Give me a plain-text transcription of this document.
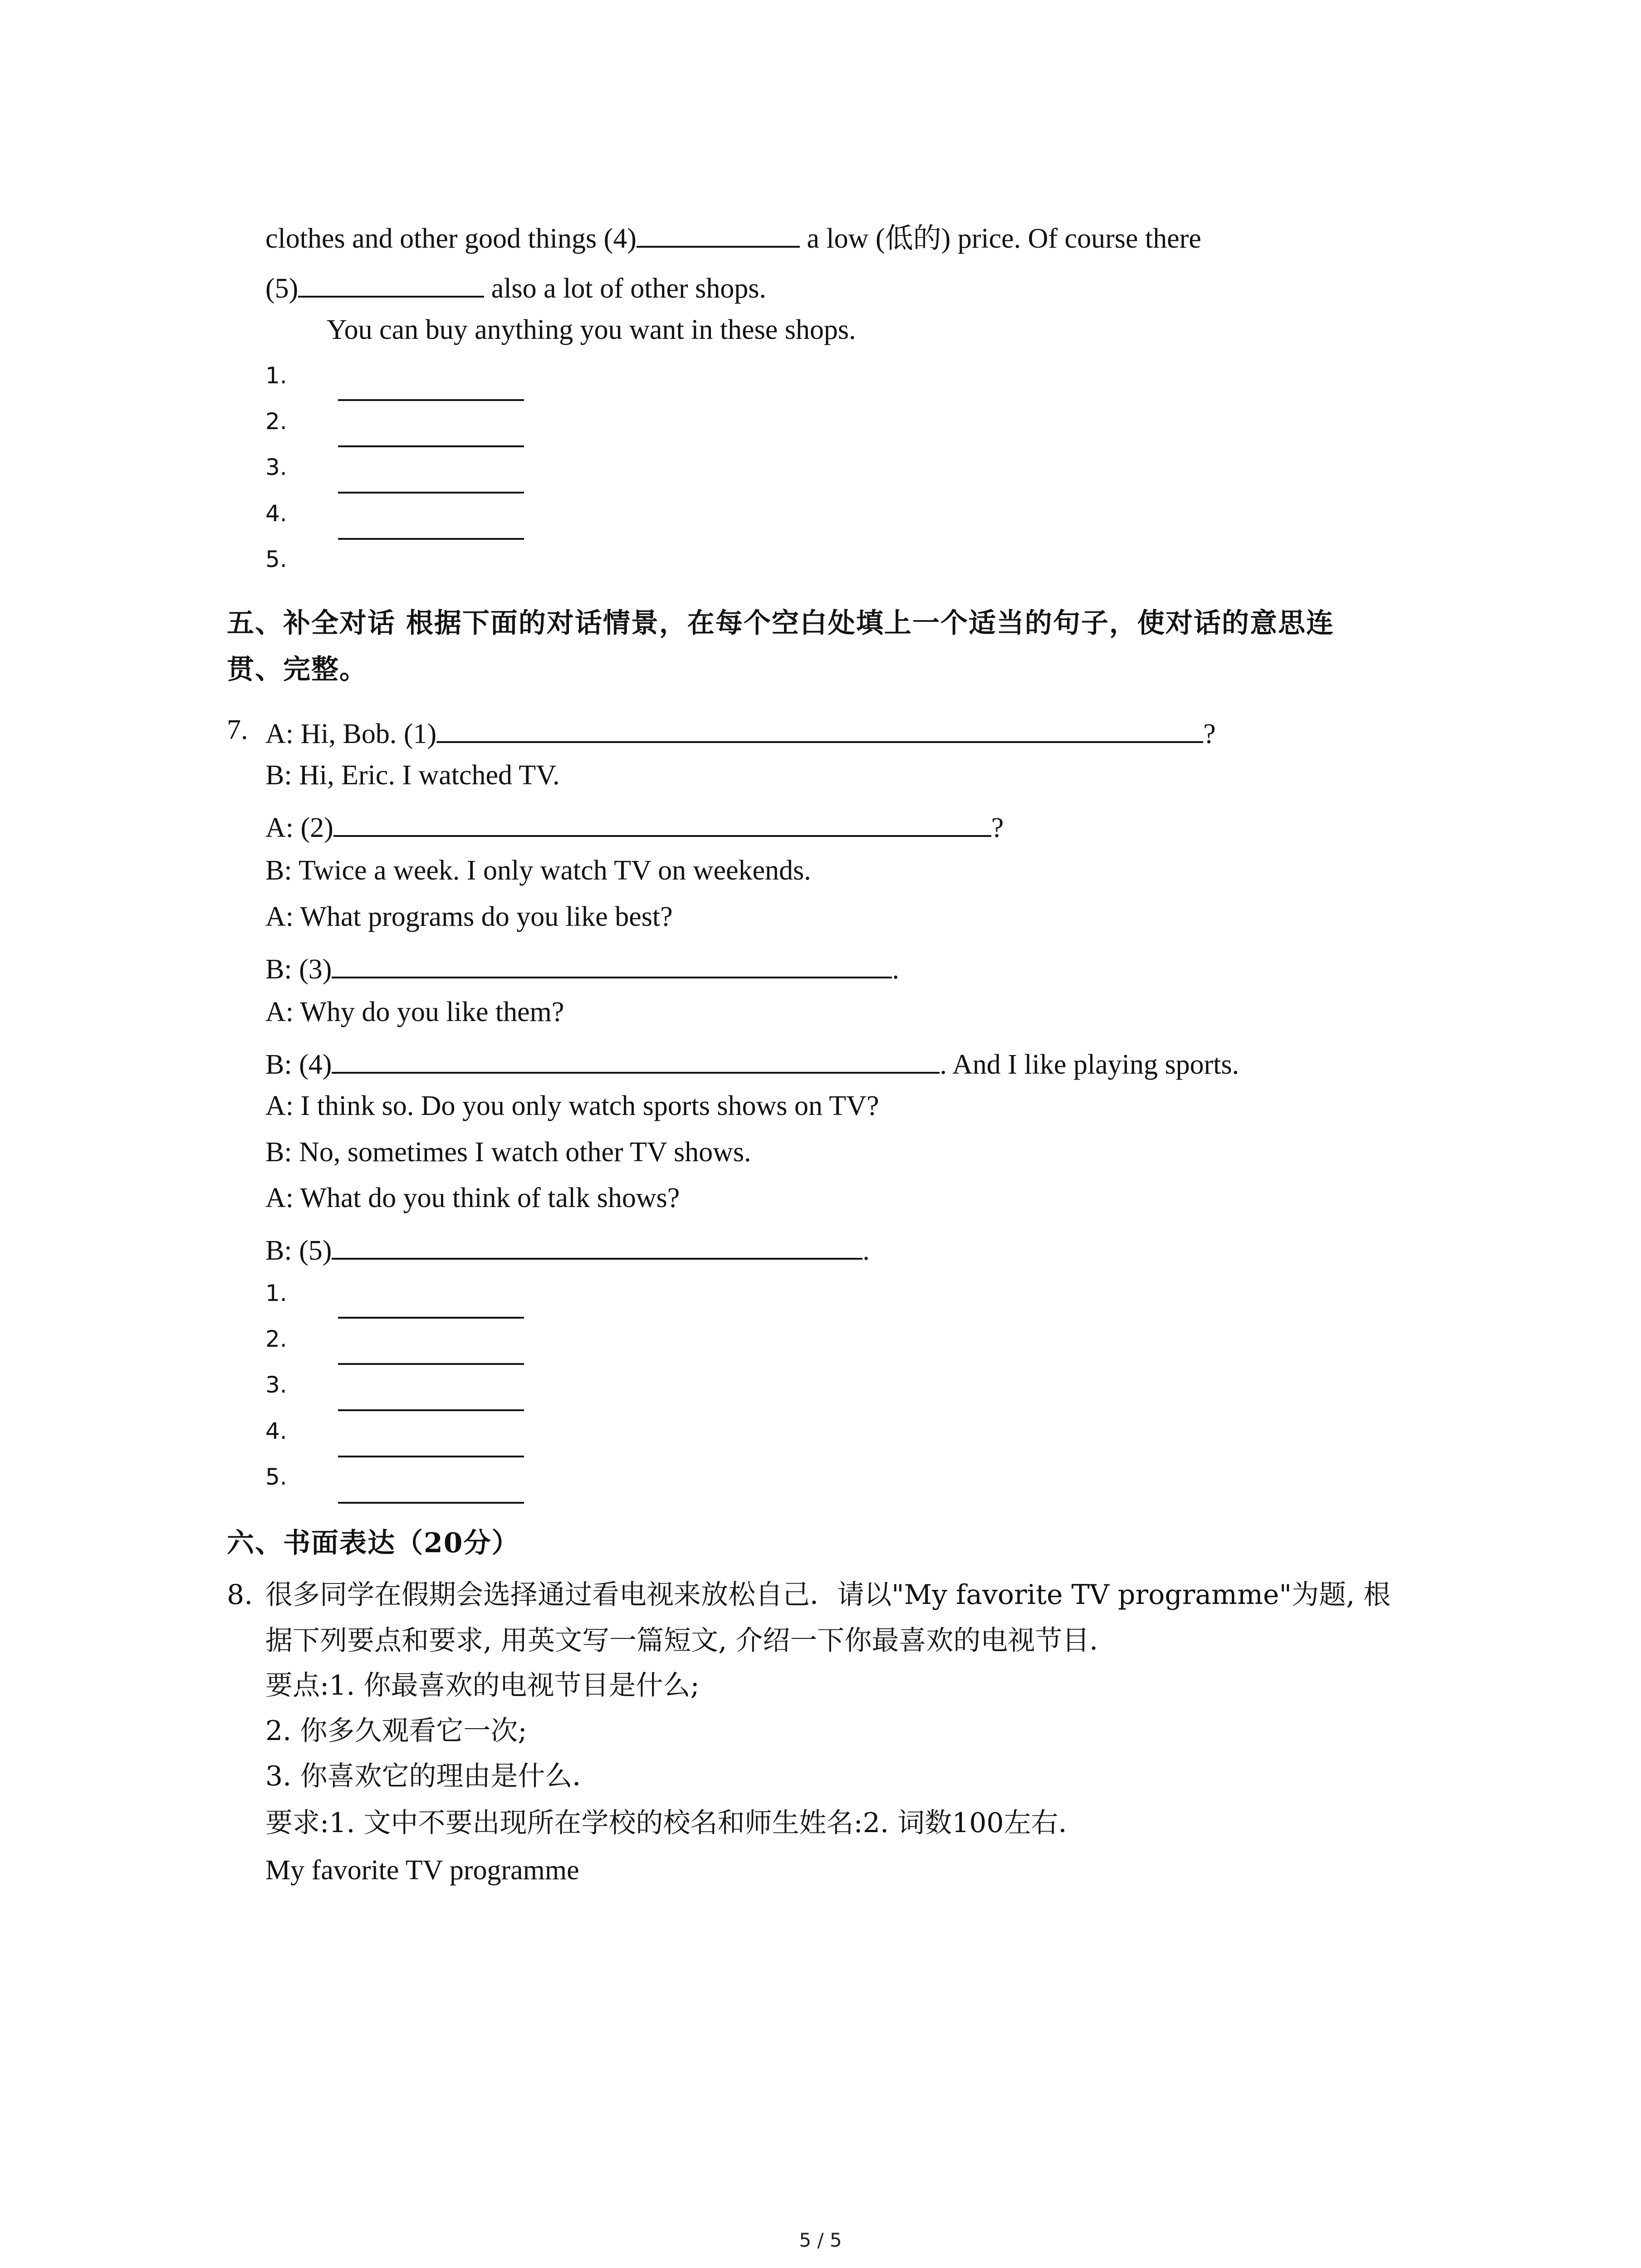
clothes and other good things (4)	a low (低的) price. Of course there
(5)	also a lot of other shops.
You can buy anything you want in these shops.
1.
2.
3.
4.
5.
五、补全对话 根据下面的对话情景，在每个空白处填上一个适当的句子，使对话的意思连
贯、完整。
7. A: Hi, Bob. (1)	?
B: Hi, Eric. I watched TV.
A: (2)	?
B: Twice a week. I only watch TV on weekends.
A: What programs do you like best?
B: (3)	.
A: Why do you like them?
B: (4)	. And I like playing sports.
A: I think so. Do you only watch sports shows on TV?
B: No, sometimes I watch other TV shows.
A: What do you think of talk shows?
B: (5)	.
1.
2.
3.
4.
5.
六、书面表达（20分）
8. 很多同学在假期会选择通过看电视来放松自己．请以"My favorite TV programme"为题, 根
据下列要点和要求, 用英文写一篇短文, 介绍一下你最喜欢的电视节目．
要点:1. 你最喜欢的电视节目是什么;
2. 你多久观看它一次;
3. 你喜欢它的理由是什么．
要求:1. 文中不要出现所在学校的校名和师生姓名:2. 词数100左右．
My favorite TV programme
5 / 5
